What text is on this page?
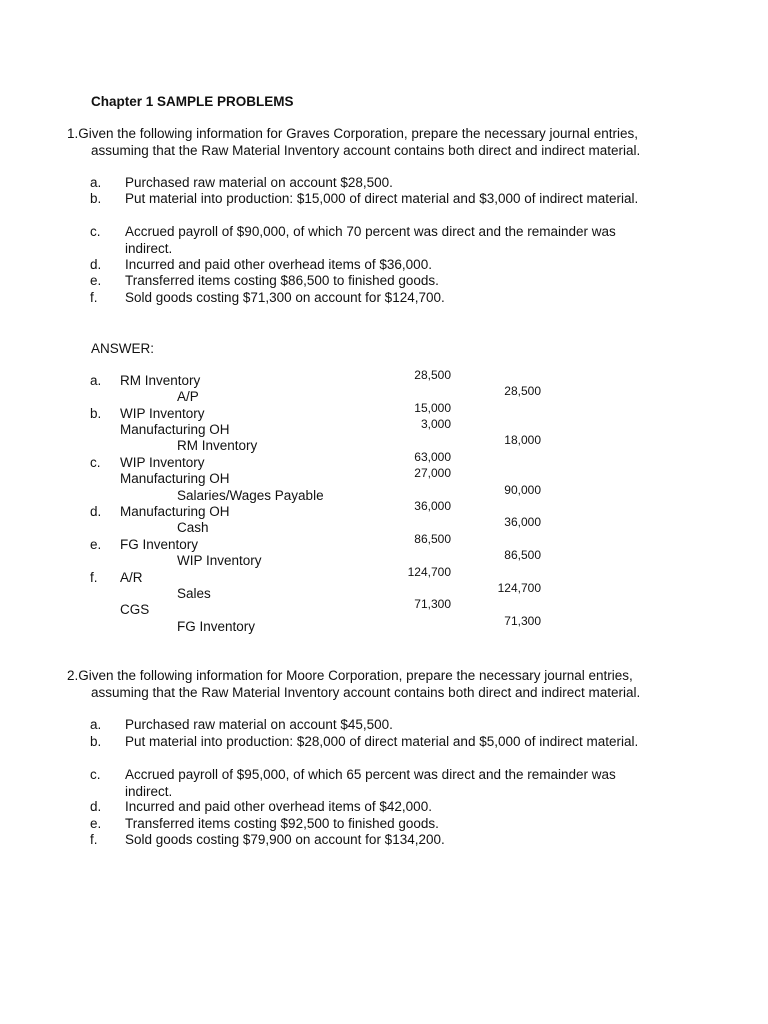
Chapter 1 SAMPLE PROBLEMS
1.Given the following information for Graves Corporation, prepare the necessary journal entries,
assuming that the Raw Material Inventory account contains both direct and indirect material.
a. Purchased raw material on account $28,500.
b. Put material into production: $15,000 of direct material and $3,000 of indirect material.
c. Accrued payroll of $90,000, of which 70 percent was direct and the remainder was indirect.
d. Incurred and paid other overhead items of $36,000.
e. Transferred items costing $86,500 to finished goods.
f. Sold goods costing $71,300 on account for $124,700.
ANSWER:
a. RM Inventory	28,500
A/P	28,500
b. WIP Inventory	15,000
Manufacturing OH	3,000
RM Inventory	18,000
c. WIP Inventory	63,000
Manufacturing OH	27,000
Salaries/Wages Payable	90,000
d. Manufacturing OH	36,000
Cash	36,000
e. FG Inventory	86,500
WIP Inventory	86,500
f. A/R	124,700
Sales	124,700
CGS	71,300
FG Inventory	71,300
2.Given the following information for Moore Corporation, prepare the necessary journal entries,
assuming that the Raw Material Inventory account contains both direct and indirect material.
a. Purchased raw material on account $45,500.
b. Put material into production: $28,000 of direct material and $5,000 of indirect material.
c. Accrued payroll of $95,000, of which 65 percent was direct and the remainder was indirect.
d. Incurred and paid other overhead items of $42,000.
e. Transferred items costing $92,500 to finished goods.
f. Sold goods costing $79,900 on account for $134,200.
